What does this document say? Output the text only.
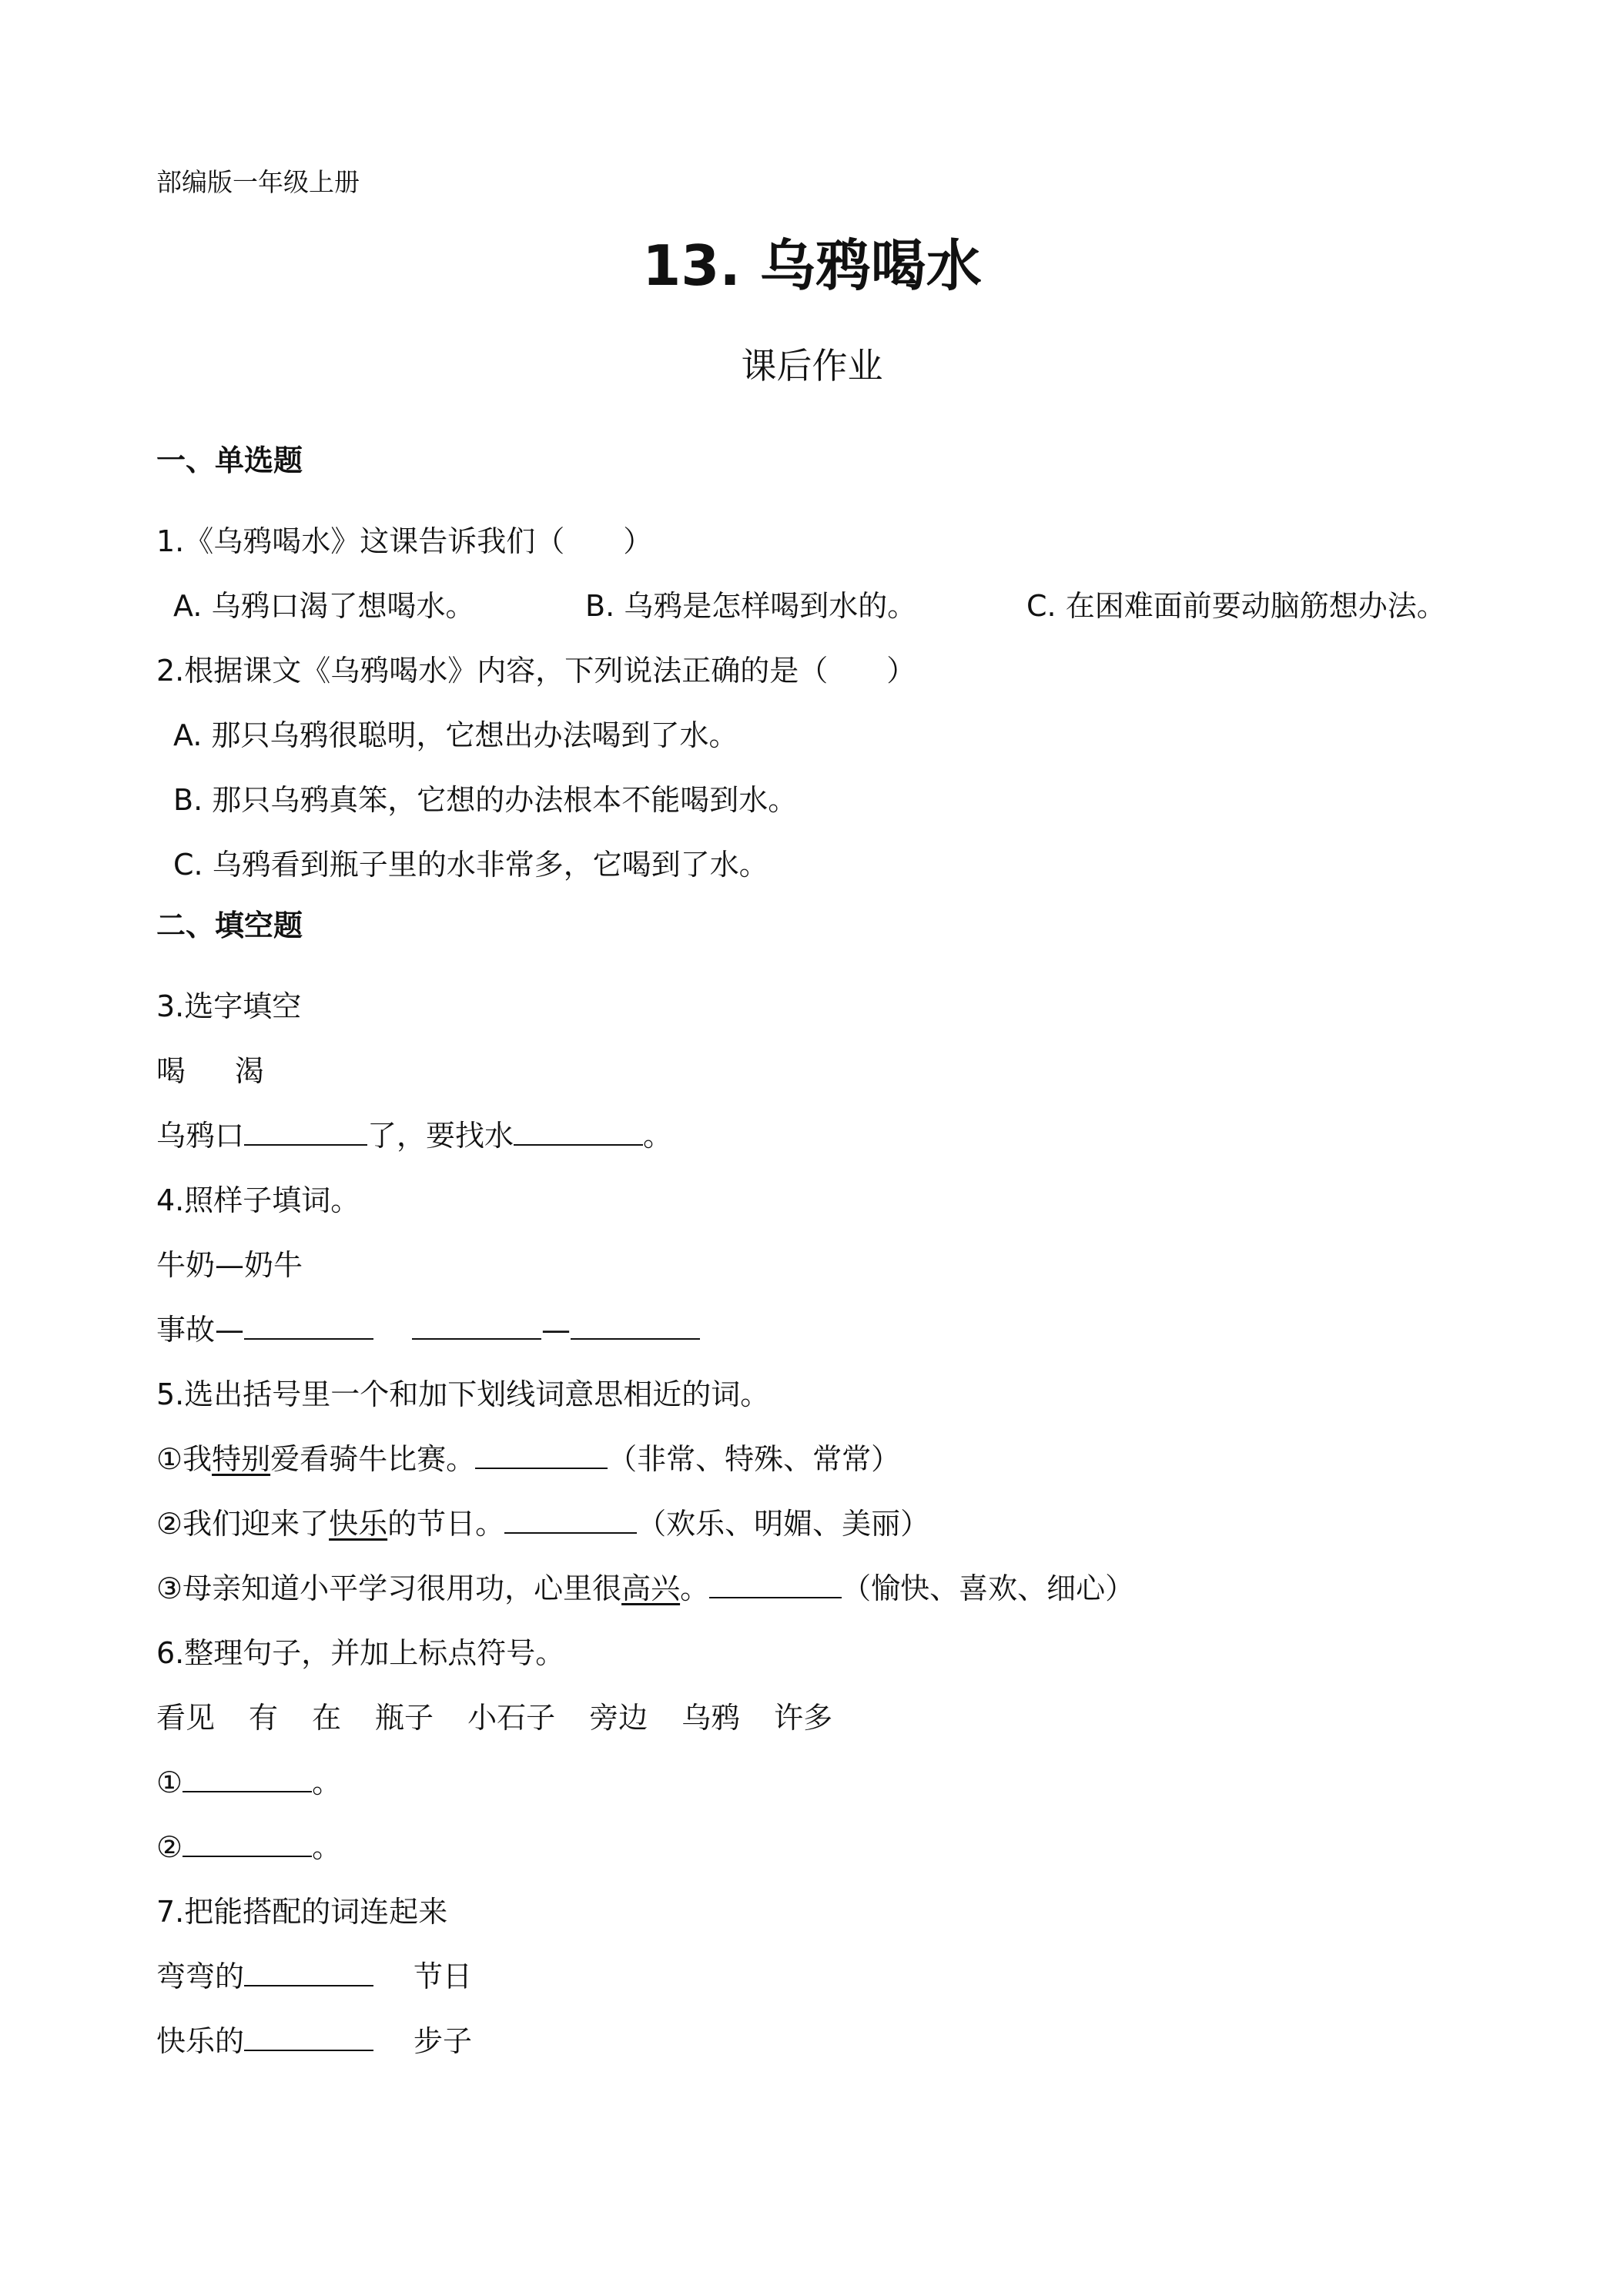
部编版一年级上册
13. 乌鸦喝水
课后作业
一、单选题
1.《乌鸦喝水》这课告诉我们（　　）
A. 乌鸦口渴了想喝水。	B. 乌鸦是怎样喝到水的。	C. 在困难面前要动脑筋想办法。
2.根据课文《乌鸦喝水》内容，下列说法正确的是（　　）
A. 那只乌鸦很聪明，它想出办法喝到了水。
B. 那只乌鸦真笨，它想的办法根本不能喝到水。
C. 乌鸦看到瓶子里的水非常多，它喝到了水。
二、填空题
3.选字填空
喝 渴
乌鸦口	了，要找水	。
4.照样子填词。
牛奶—奶牛
事故—	—
5.选出括号里一个和加下划线词意思相近的词。
①我特别爱看骑牛比赛。	（非常、特殊、常常）
②我们迎来了快乐的节日。	（欢乐、明媚、美丽）
③母亲知道小平学习很用功，心里很高兴。	（愉快、喜欢、细心）
6.整理句子，并加上标点符号。
看见 有 在 瓶子 小石子 旁边 乌鸦 许多
①	。
②	。
7.把能搭配的词连起来
弯弯的	节日
快乐的	步子
